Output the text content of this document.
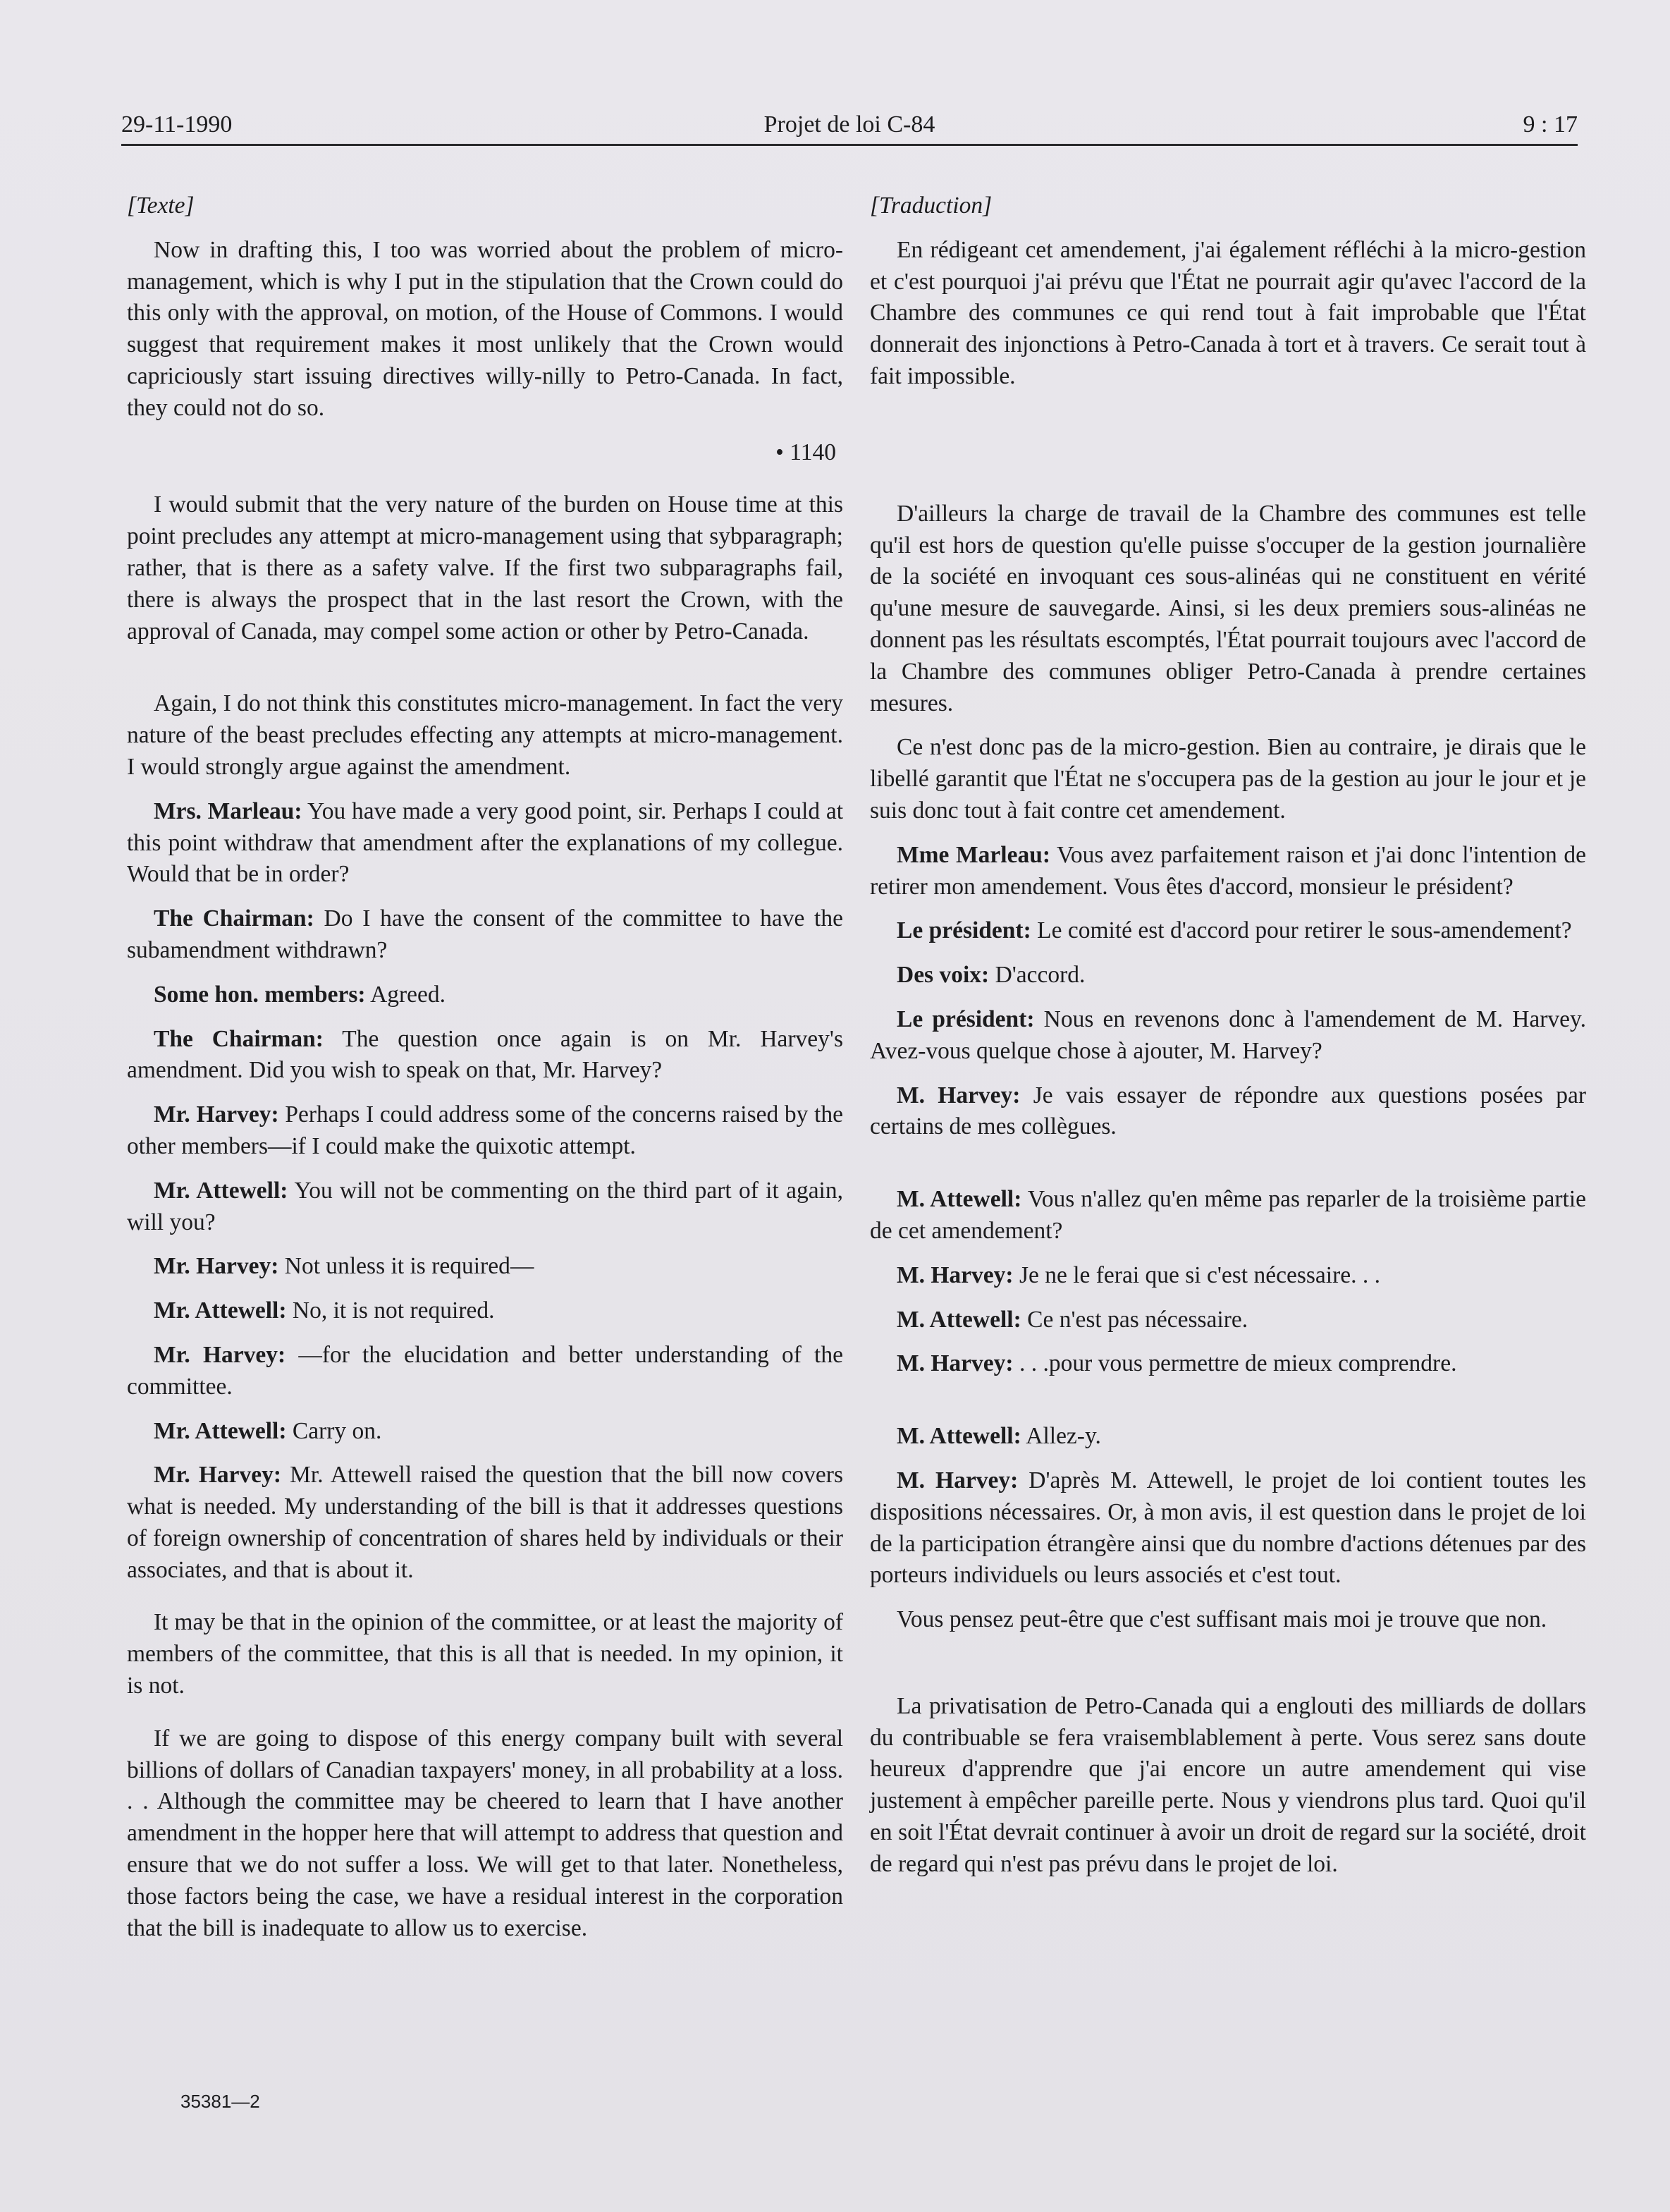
29-11-1990	Projet de loi C-84	9 : 17

[Texte]

Now in drafting this, I too was worried about the problem of micro-management, which is why I put in the stipulation that the Crown could do this only with the approval, on motion, of the House of Commons. I would suggest that requirement makes it most unlikely that the Crown would capriciously start issuing directives willy-nilly to Petro-Canada. In fact, they could not do so.

• 1140

I would submit that the very nature of the burden on House time at this point precludes any attempt at micro-management using that sybparagraph; rather, that is there as a safety valve. If the first two subparagraphs fail, there is always the prospect that in the last resort the Crown, with the approval of Canada, may compel some action or other by Petro-Canada.

Again, I do not think this constitutes micro-management. In fact the very nature of the beast precludes effecting any attempts at micro-management. I would strongly argue against the amendment.

Mrs. Marleau: You have made a very good point, sir. Perhaps I could at this point withdraw that amendment after the explanations of my collegue. Would that be in order?

The Chairman: Do I have the consent of the committee to have the subamendment withdrawn?

Some hon. members: Agreed.

The Chairman: The question once again is on Mr. Harvey's amendment. Did you wish to speak on that, Mr. Harvey?

Mr. Harvey: Perhaps I could address some of the concerns raised by the other members—if I could make the quixotic attempt.

Mr. Attewell: You will not be commenting on the third part of it again, will you?

Mr. Harvey: Not unless it is required—

Mr. Attewell: No, it is not required.

Mr. Harvey: —for the elucidation and better understanding of the committee.

Mr. Attewell: Carry on.

Mr. Harvey: Mr. Attewell raised the question that the bill now covers what is needed. My understanding of the bill is that it addresses questions of foreign ownership of concentration of shares held by individuals or their associates, and that is about it.

It may be that in the opinion of the committee, or at least the majority of members of the committee, that this is all that is needed. In my opinion, it is not.

If we are going to dispose of this energy company built with several billions of dollars of Canadian taxpayers' money, in all probability at a loss. . . Although the committee may be cheered to learn that I have another amendment in the hopper here that will attempt to address that question and ensure that we do not suffer a loss. We will get to that later. Nonetheless, those factors being the case, we have a residual interest in the corporation that the bill is inadequate to allow us to exercise.

[Traduction]

En rédigeant cet amendement, j'ai également réfléchi à la micro-gestion et c'est pourquoi j'ai prévu que l'État ne pourrait agir qu'avec l'accord de la Chambre des communes ce qui rend tout à fait improbable que l'État donnerait des injonctions à Petro-Canada à tort et à travers. Ce serait tout à fait impossible.

D'ailleurs la charge de travail de la Chambre des communes est telle qu'il est hors de question qu'elle puisse s'occuper de la gestion journalière de la société en invoquant ces sous-alinéas qui ne constituent en vérité qu'une mesure de sauvegarde. Ainsi, si les deux premiers sous-alinéas ne donnent pas les résultats escomptés, l'État pourrait toujours avec l'accord de la Chambre des communes obliger Petro-Canada à prendre certaines mesures.

Ce n'est donc pas de la micro-gestion. Bien au contraire, je dirais que le libellé garantit que l'État ne s'occupera pas de la gestion au jour le jour et je suis donc tout à fait contre cet amendement.

Mme Marleau: Vous avez parfaitement raison et j'ai donc l'intention de retirer mon amendement. Vous êtes d'accord, monsieur le président?

Le président: Le comité est d'accord pour retirer le sous-amendement?

Des voix: D'accord.

Le président: Nous en revenons donc à l'amendement de M. Harvey. Avez-vous quelque chose à ajouter, M. Harvey?

M. Harvey: Je vais essayer de répondre aux questions posées par certains de mes collègues.

M. Attewell: Vous n'allez qu'en même pas reparler de la troisième partie de cet amendement?

M. Harvey: Je ne le ferai que si c'est nécessaire. . .

M. Attewell: Ce n'est pas nécessaire.

M. Harvey: . . .pour vous permettre de mieux comprendre.

M. Attewell: Allez-y.

M. Harvey: D'après M. Attewell, le projet de loi contient toutes les dispositions nécessaires. Or, à mon avis, il est question dans le projet de loi de la participation étrangère ainsi que du nombre d'actions détenues par des porteurs individuels ou leurs associés et c'est tout.

Vous pensez peut-être que c'est suffisant mais moi je trouve que non.

La privatisation de Petro-Canada qui a englouti des milliards de dollars du contribuable se fera vraisemblablement à perte. Vous serez sans doute heureux d'apprendre que j'ai encore un autre amendement qui vise justement à empêcher pareille perte. Nous y viendrons plus tard. Quoi qu'il en soit l'État devrait continuer à avoir un droit de regard sur la société, droit de regard qui n'est pas prévu dans le projet de loi.

35381—2
